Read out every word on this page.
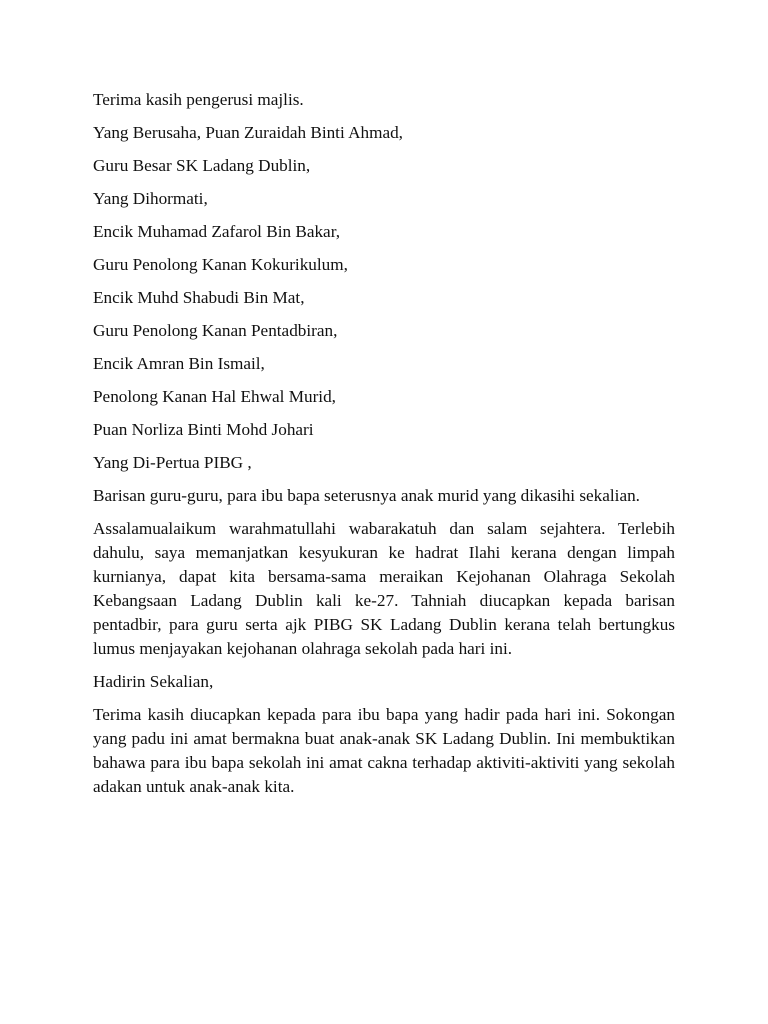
Terima kasih pengerusi majlis.

Yang Berusaha, Puan Zuraidah Binti Ahmad,

Guru Besar SK Ladang Dublin,

Yang Dihormati,

Encik Muhamad Zafarol Bin Bakar,

Guru Penolong Kanan Kokurikulum,

Encik Muhd Shabudi Bin Mat,

Guru Penolong Kanan Pentadbiran,

Encik Amran Bin Ismail,

Penolong Kanan Hal Ehwal Murid,

Puan Norliza Binti Mohd Johari

Yang Di-Pertua PIBG ,

Barisan guru-guru, para ibu bapa seterusnya anak murid yang dikasihi sekalian.

Assalamualaikum warahmatullahi wabarakatuh dan salam sejahtera. Terlebih dahulu, saya memanjatkan kesyukuran ke hadrat Ilahi kerana dengan limpah kurnianya, dapat kita bersama-sama meraikan Kejohanan Olahraga Sekolah Kebangsaan Ladang Dublin kali ke-27. Tahniah diucapkan kepada barisan pentadbir, para guru serta ajk PIBG SK Ladang Dublin kerana telah bertungkus lumus menjayakan kejohanan olahraga sekolah pada hari ini.

Hadirin Sekalian,

Terima kasih diucapkan kepada para ibu bapa yang hadir pada hari ini. Sokongan yang padu ini amat bermakna buat anak-anak SK Ladang Dublin. Ini membuktikan bahawa para ibu bapa sekolah ini amat cakna terhadap aktiviti-aktiviti yang sekolah adakan untuk anak-anak kita.
